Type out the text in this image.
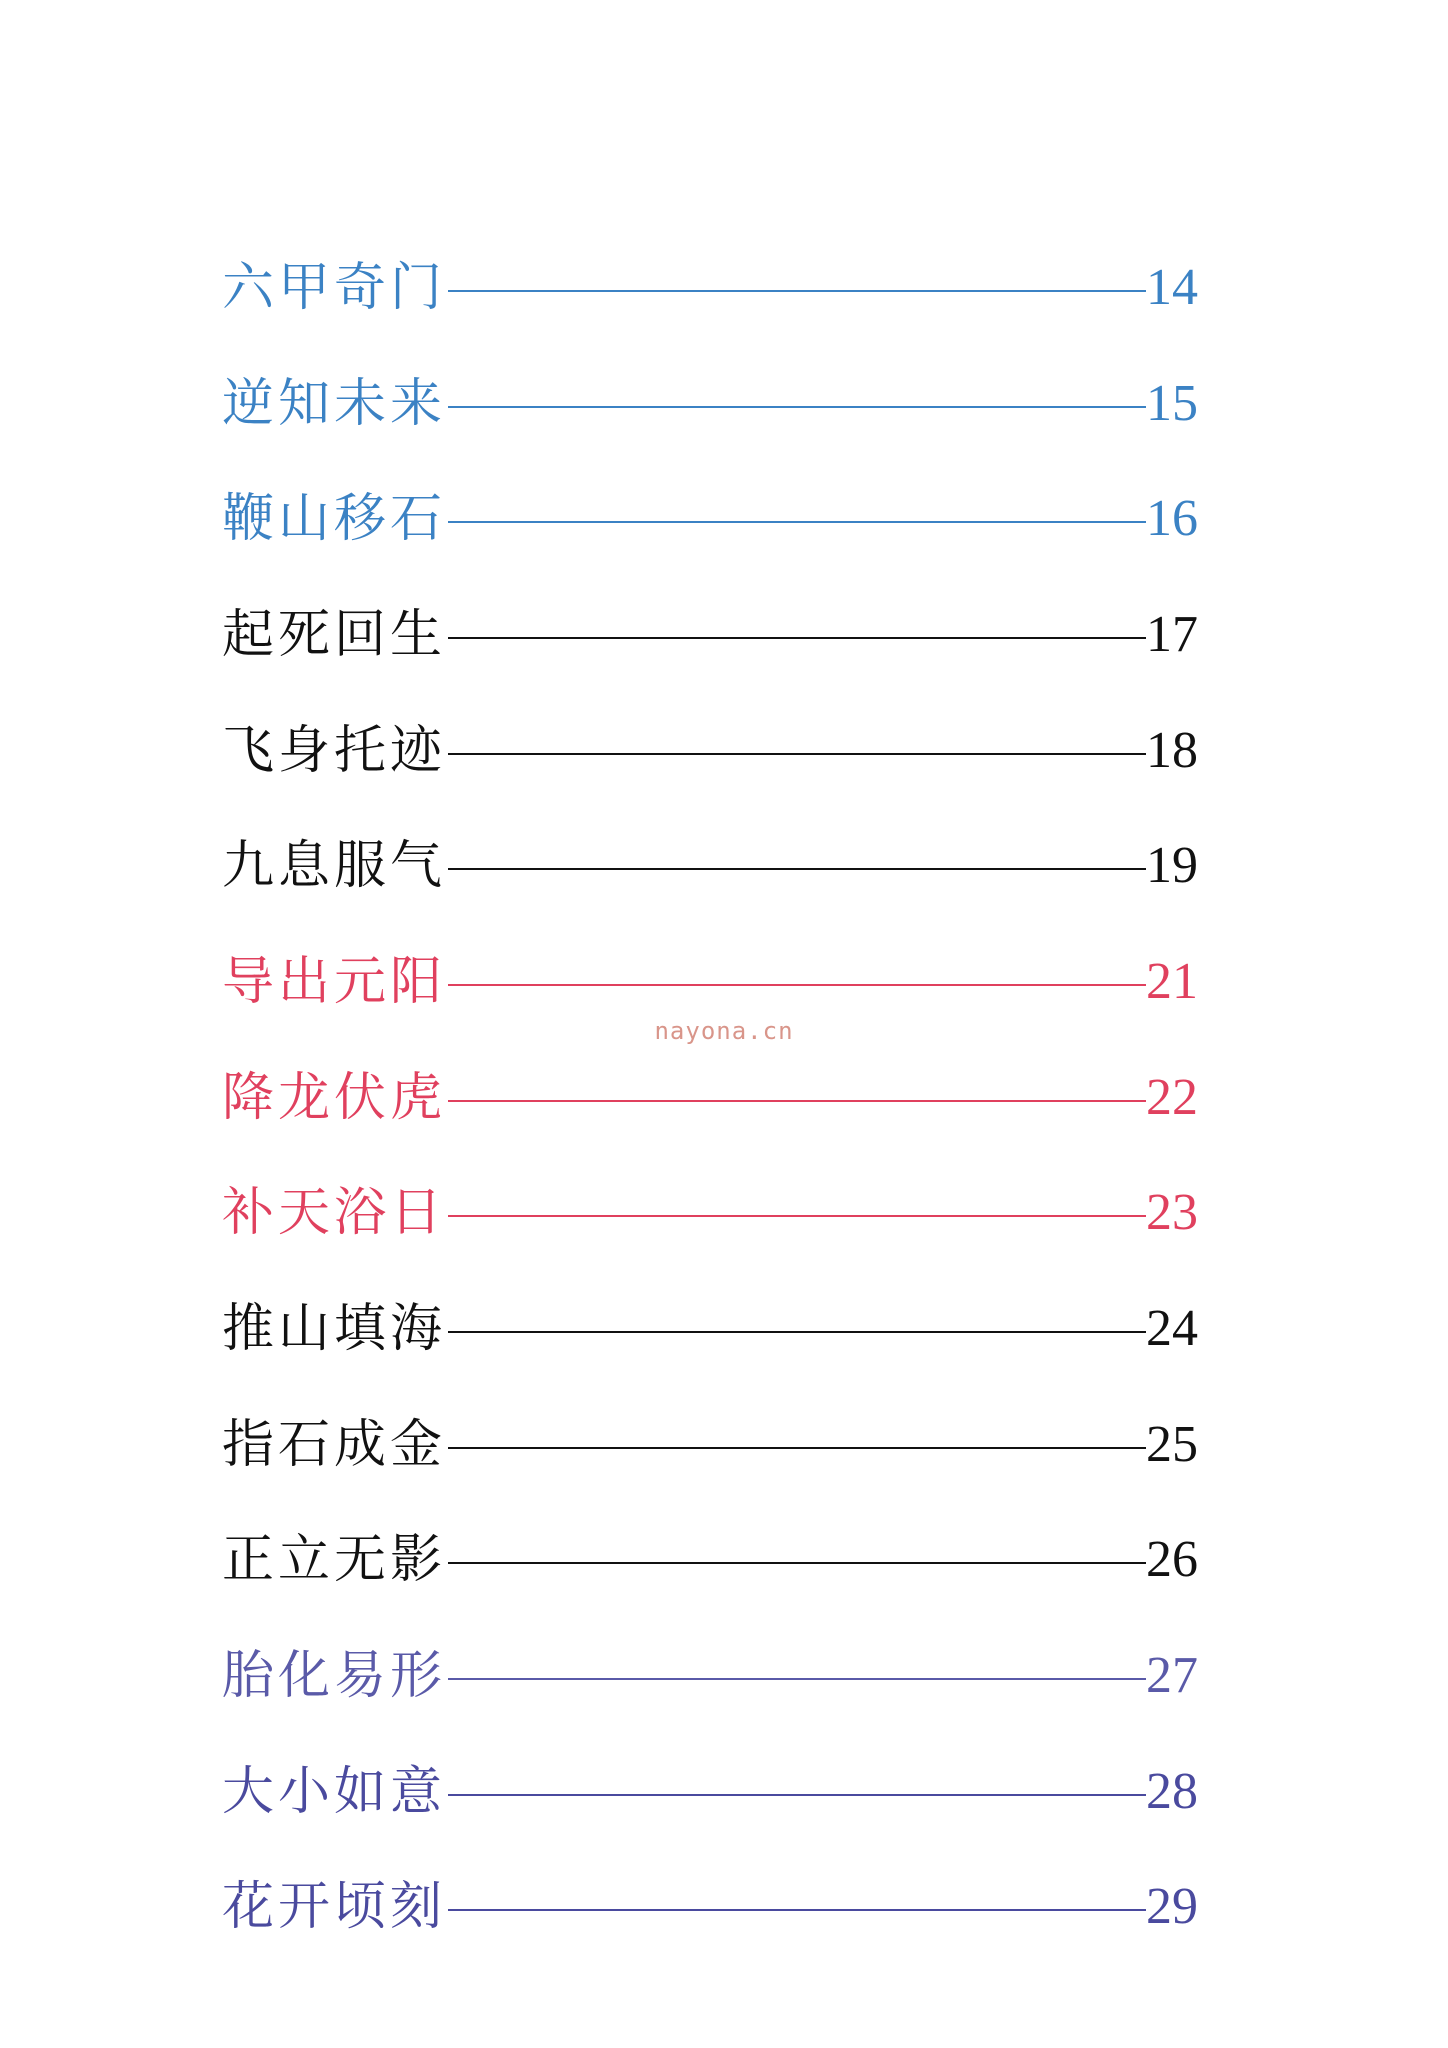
六甲奇门	14
逆知未来	15
鞭山移石	16
起死回生	17
飞身托迹	18
九息服气	19
导出元阳	21
降龙伏虎	22
补天浴日	23
推山填海	24
指石成金	25
正立无影	26
胎化易形	27
大小如意	28
花开顷刻	29
nayona.cn
